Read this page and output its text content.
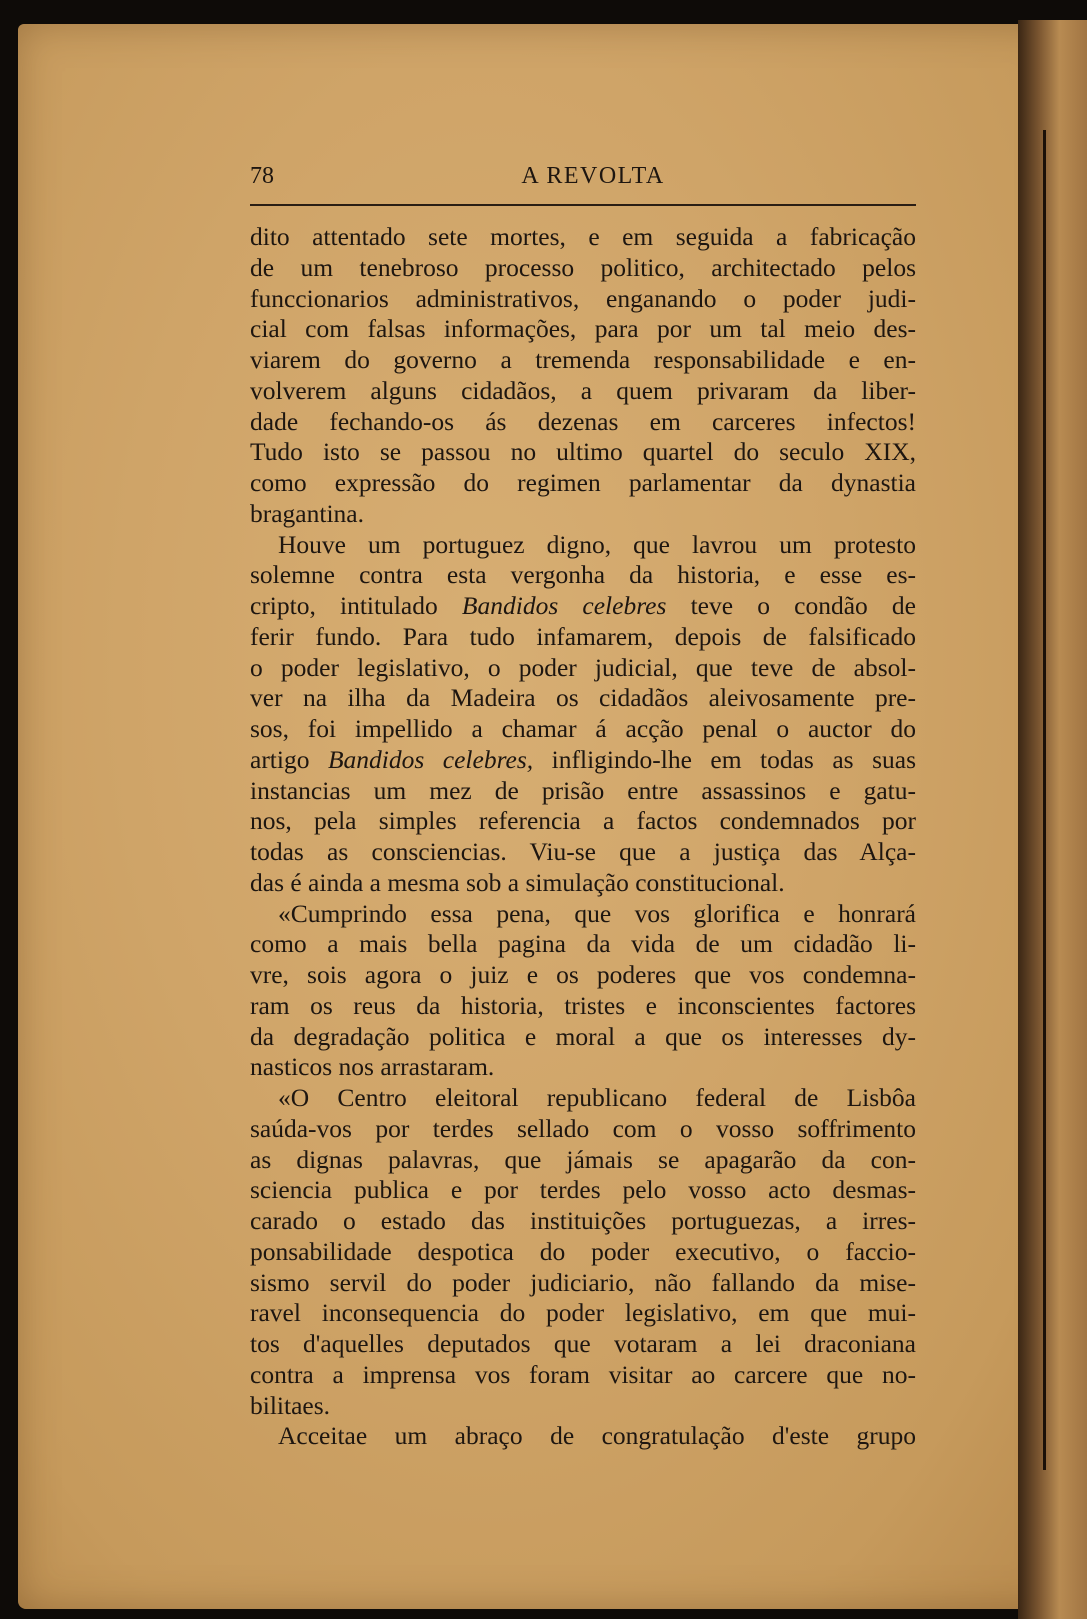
78	A REVOLTA
dito attentado sete mortes, e em seguida a fabricação
de um tenebroso processo politico, architectado pelos
funccionarios administrativos, enganando o poder judi-
cial com falsas informações, para por um tal meio des-
viarem do governo a tremenda responsabilidade e en-
volverem alguns cidadãos, a quem privaram da liber-
dade fechando-os ás dezenas em carceres infectos!
Tudo isto se passou no ultimo quartel do seculo XIX,
como expressão do regimen parlamentar da dynastia
bragantina.
Houve um portuguez digno, que lavrou um protesto
solemne contra esta vergonha da historia, e esse es-
cripto, intitulado Bandidos celebres teve o condão de
ferir fundo. Para tudo infamarem, depois de falsificado
o poder legislativo, o poder judicial, que teve de absol-
ver na ilha da Madeira os cidadãos aleivosamente pre-
sos, foi impellido a chamar á acção penal o auctor do
artigo Bandidos celebres, infligindo-lhe em todas as suas
instancias um mez de prisão entre assassinos e gatu-
nos, pela simples referencia a factos condemnados por
todas as consciencias. Viu-se que a justiça das Alça-
das é ainda a mesma sob a simulação constitucional.
«Cumprindo essa pena, que vos glorifica e honrará
como a mais bella pagina da vida de um cidadão li-
vre, sois agora o juiz e os poderes que vos condemna-
ram os reus da historia, tristes e inconscientes factores
da degradação politica e moral a que os interesses dy-
nasticos nos arrastaram.
«O Centro eleitoral republicano federal de Lisbôa
saúda-vos por terdes sellado com o vosso soffrimento
as dignas palavras, que jámais se apagarão da con-
sciencia publica e por terdes pelo vosso acto desmas-
carado o estado das instituições portuguezas, a irres-
ponsabilidade despotica do poder executivo, o faccio-
sismo servil do poder judiciario, não fallando da mise-
ravel inconsequencia do poder legislativo, em que mui-
tos d'aquelles deputados que votaram a lei draconiana
contra a imprensa vos foram visitar ao carcere que no-
bilitaes.
Acceitae um abraço de congratulação d'este grupo
